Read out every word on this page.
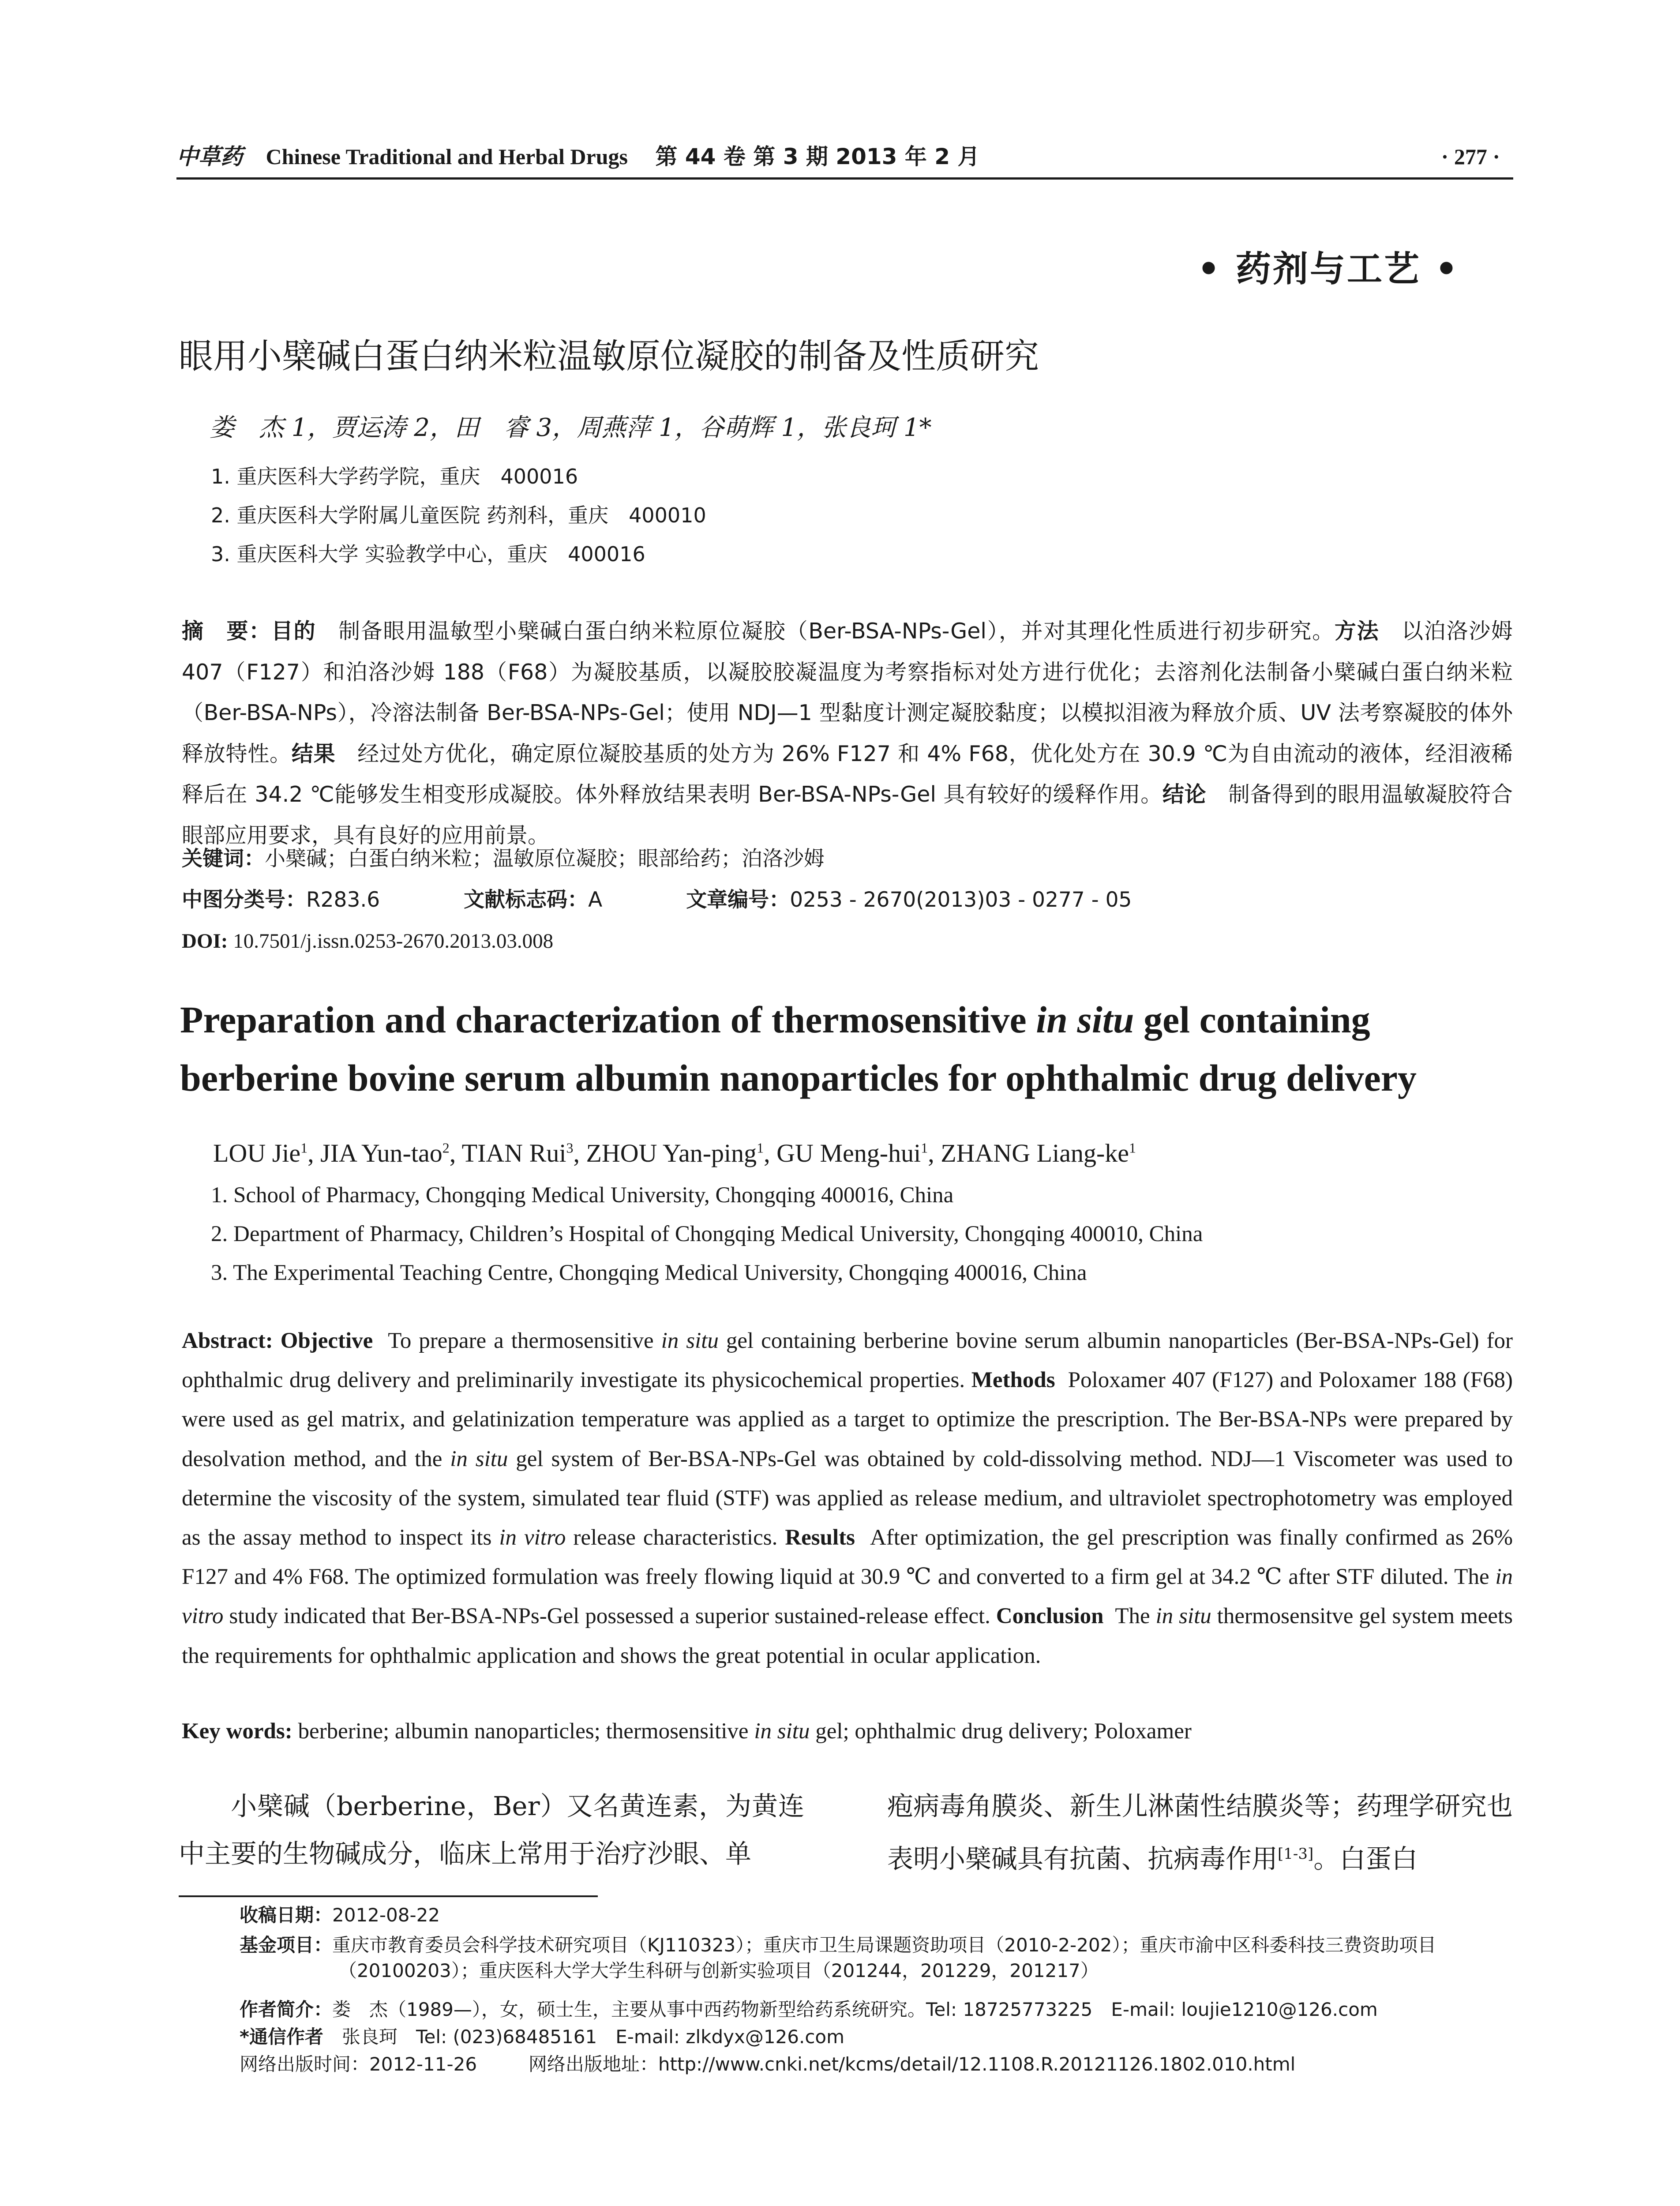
中草药 Chinese Traditional and Herbal Drugs 第 44 卷 第 3 期 2013 年 2 月	· 277 ·
• 药剂与工艺 •
眼用小檗碱白蛋白纳米粒温敏原位凝胶的制备及性质研究
娄　杰 1，贾运涛 2，田　睿 3，周燕萍 1，谷萌辉 1，张良珂 1*
1. 重庆医科大学药学院，重庆　400016
2. 重庆医科大学附属儿童医院 药剂科，重庆　400010
3. 重庆医科大学 实验教学中心，重庆　400016
摘　要：目的　 制备眼用温敏型小檗碱白蛋白纳米粒原位凝胶（Ber-BSA-NPs-Gel），并对其理化性质进行初步研究。方法　 以泊洛沙姆 407（F127）和泊洛沙姆 188（F68）为凝胶基质，以凝胶胶凝温度为考察指标对处方进行优化；去溶剂化法制备小檗碱白蛋白纳米粒（Ber-BSA-NPs），冷溶法制备 Ber-BSA-NPs-Gel；使用 NDJ—1 型黏度计测定凝胶黏度；以模拟泪液为释放介质、UV 法考察凝胶的体外释放特性。结果　 经过处方优化，确定原位凝胶基质的处方为 26% F127 和 4% F68，优化处方在 30.9 ℃为自由流动的液体，经泪液稀释后在 34.2 ℃能够发生相变形成凝胶。体外释放结果表明 Ber-BSA-NPs-Gel 具有较好的缓释作用。结论　 制备得到的眼用温敏凝胶符合眼部应用要求，具有良好的应用前景。
关键词：小檗碱；白蛋白纳米粒；温敏原位凝胶；眼部给药；泊洛沙姆
中图分类号：R283.6	文献标志码：A	文章编号：0253 - 2670(2013)03 - 0277 - 05
DOI: 10.7501/j.issn.0253-2670.2013.03.008
Preparation and characterization of thermosensitive in situ gel containing berberine bovine serum albumin nanoparticles for ophthalmic drug delivery
LOU Jie$^1$, JIA Yun-tao$^2$, TIAN Rui$^3$, ZHOU Yan-ping$^1$, GU Meng-hui$^1$, ZHANG Liang-$ke^1$
1. School of Pharmacy, Chongqing Medical University, Chongqing 400016, China
2. Department of Pharmacy, Children’s Hospital of Chongqing Medical University, Chongqing 400010, China
3. The Experimental Teaching Centre, Chongqing Medical University, Chongqing 400016, China
Abstract: Objective To prepare a thermosensitive in situ gel containing berberine bovine serum albumin nanoparticles (Ber-BSA-NPs-Gel) for ophthalmic drug delivery and preliminarily investigate its physicochemical properties. Methods Poloxamer 407 (F127) and Poloxamer 188 (F68) were used as gel matrix, and gelatinization temperature was applied as a target to optimize the prescription. The Ber-BSA-NPs were prepared by desolvation method, and the in situ gel system of Ber-BSA-NPs-Gel was obtained by cold-dissolving method. NDJ—1 Viscometer was used to determine the viscosity of the system, simulated tear fluid (STF) was applied as release medium, and ultraviolet spectrophotometry was employed as the assay method to inspect its in vitro release characteristics. Results After optimization, the gel prescription was finally confirmed as 26% F127 and 4% F68. The optimized formulation was freely flowing liquid at 30.9 ℃ and converted to a firm gel at 34.2 ℃ after STF diluted. The in vitro study indicated that Ber-BSA-NPs-Gel possessed a superior sustained-release effect. Conclusion The in situ thermosensitve gel system meets the requirements for ophthalmic application and shows the great potential in ocular application.
Key words: berberine; albumin nanoparticles; thermosensitive in situ gel; ophthalmic drug delivery; Poloxamer
小檗碱（berberine，Ber）又名黄连素，为黄连中主要的生物碱成分，临床上常用于治疗沙眼、单
疱病毒角膜炎、新生儿淋菌性结膜炎等；药理学研究也表明小檗碱具有抗菌、抗病毒作用[1-3]。白蛋白
收稿日期：2012-08-22
基金项目：重庆市教育委员会科学技术研究项目（KJ110323）；重庆市卫生局课题资助项目（2010-2-202）；重庆市渝中区科委科技三费资助项目（20100203）；重庆医科大学大学生科研与创新实验项目（201244，201229，201217）
作者简介：娄　杰（1989—），女，硕士生，主要从事中西药物新型给药系统研究。Tel: 18725773225　E-mail: loujie1210@126.com
*通信作者　 张良珂　Tel: (023)68485161　E-mail: zlkdyx@126.com
网络出版时间：2012-11-26	网络出版地址：http://www.cnki.net/kcms/detail/12.1108.R.20121126.1802.010.html
